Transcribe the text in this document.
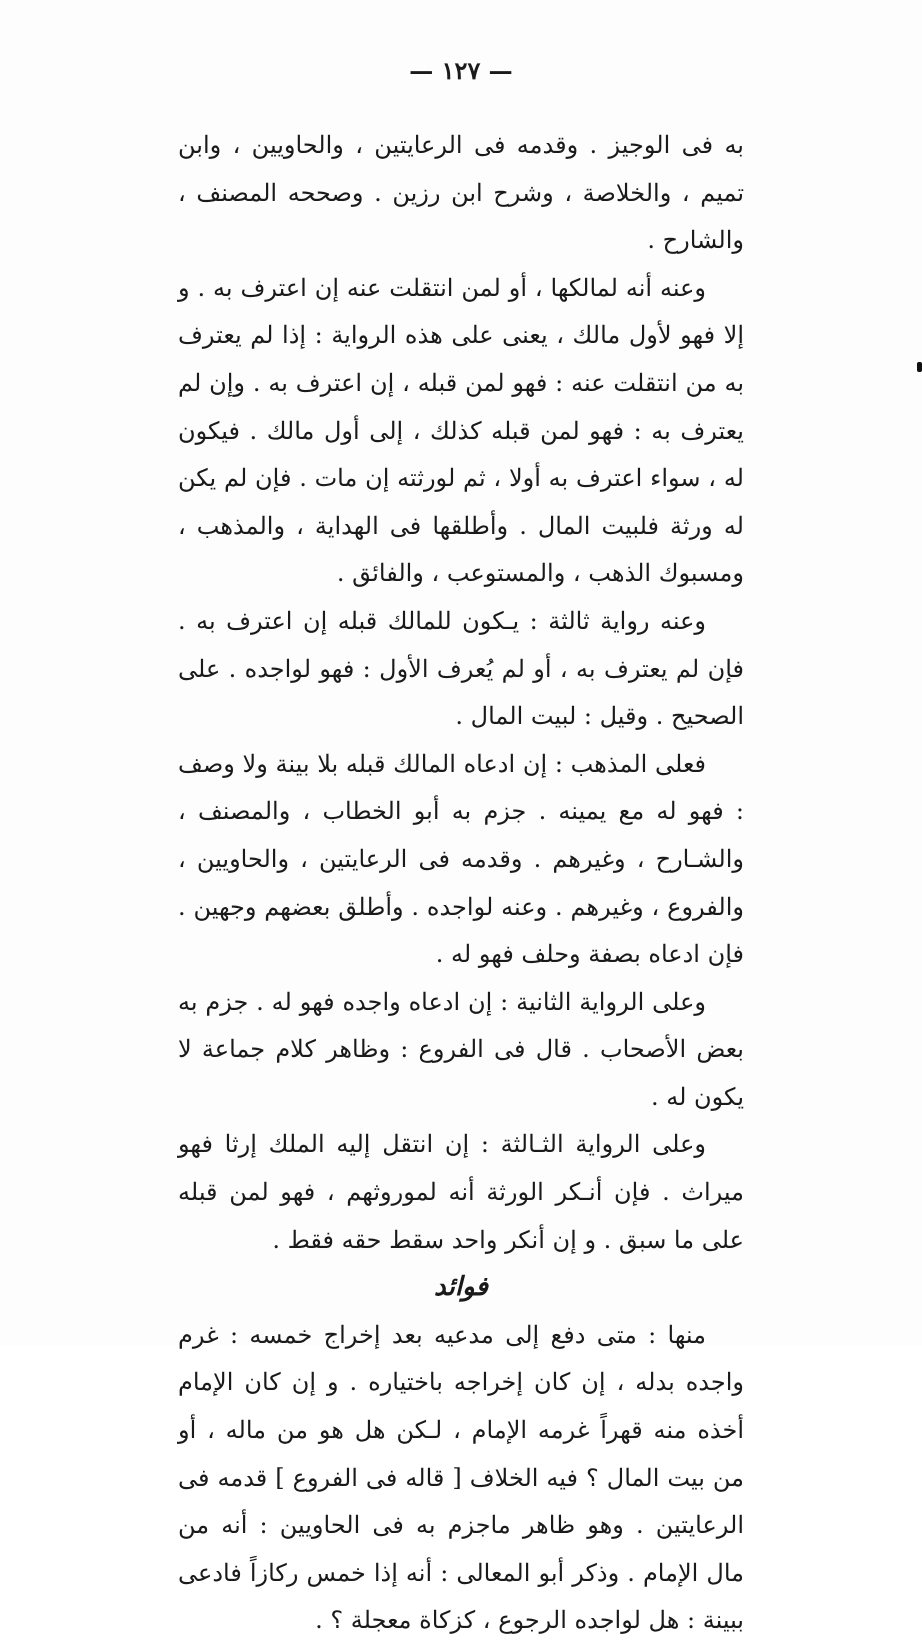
— ١٢٧ —

به فى الوجيز . وقدمه فى الرعايتين ، والحاويين ، وابن تميم ، والخلاصة ، وشرح ابن رزين . وصححه المصنف ، والشارح .

وعنه أنه لمالكها ، أو لمن انتقلت عنه إن اعترف به . و إلا فهو لأول مالك ، يعنى على هذه الرواية : إذا لم يعترف به من انتقلت عنه : فهو لمن قبله ، إن اعترف به . وإن لم يعترف به : فهو لمن قبله كذلك ، إلى أول مالك . فيكون له ، سواء اعترف به أولا ، ثم لورثته إن مات . فإن لم يكن له ورثة فلبيت المال . وأطلقها فى الهداية ، والمذهب ، ومسبوك الذهب ، والمستوعب ، والفائق .

وعنه رواية ثالثة : يـكون للمالك قبله إن اعترف به . فإن لم يعترف به ، أو لم يُعرف الأول : فهو لواجده . على الصحيح . وقيل : لبيت المال .

فعلى المذهب : إن ادعاه المالك قبله بلا بينة ولا وصف : فهو له مع يمينه . جزم به أبو الخطاب ، والمصنف ، والشـارح ، وغيرهم . وقدمه فى الرعايتين ، والحاويين ، والفروع ، وغيرهم . وعنه لواجده . وأطلق بعضهم وجهين . فإن ادعاه بصفة وحلف فهو له .

وعلى الرواية الثانية : إن ادعاه واجده فهو له . جزم به بعض الأصحاب . قال فى الفروع : وظاهر كلام جماعة لا يكون له .

وعلى الرواية الثـالثة : إن انتقل إليه الملك إرثا فهو ميراث . فإن أنـكر الورثة أنه لموروثهم ، فهو لمن قبله على ما سبق . و إن أنكر واحد سقط حقه فقط .

فوائد

منها : متى دفع إلى مدعيه بعد إخراج خمسه : غرم واجده بدله ، إن كان إخراجه باختياره . و إن كان الإمام أخذه منه قهراً غرمه الإمام ، لـكن هل هو من ماله ، أو من بيت المال ؟ فيه الخلاف [ قاله فى الفروع ] قدمه فى الرعايتين . وهو ظاهر ماجزم به فى الحاويين : أنه من مال الإمام . وذكر أبو المعالى : أنه إذا خمس ركازاً فادعى ببينة : هل لواجده الرجوع ، كزكاة معجلة ؟ .
